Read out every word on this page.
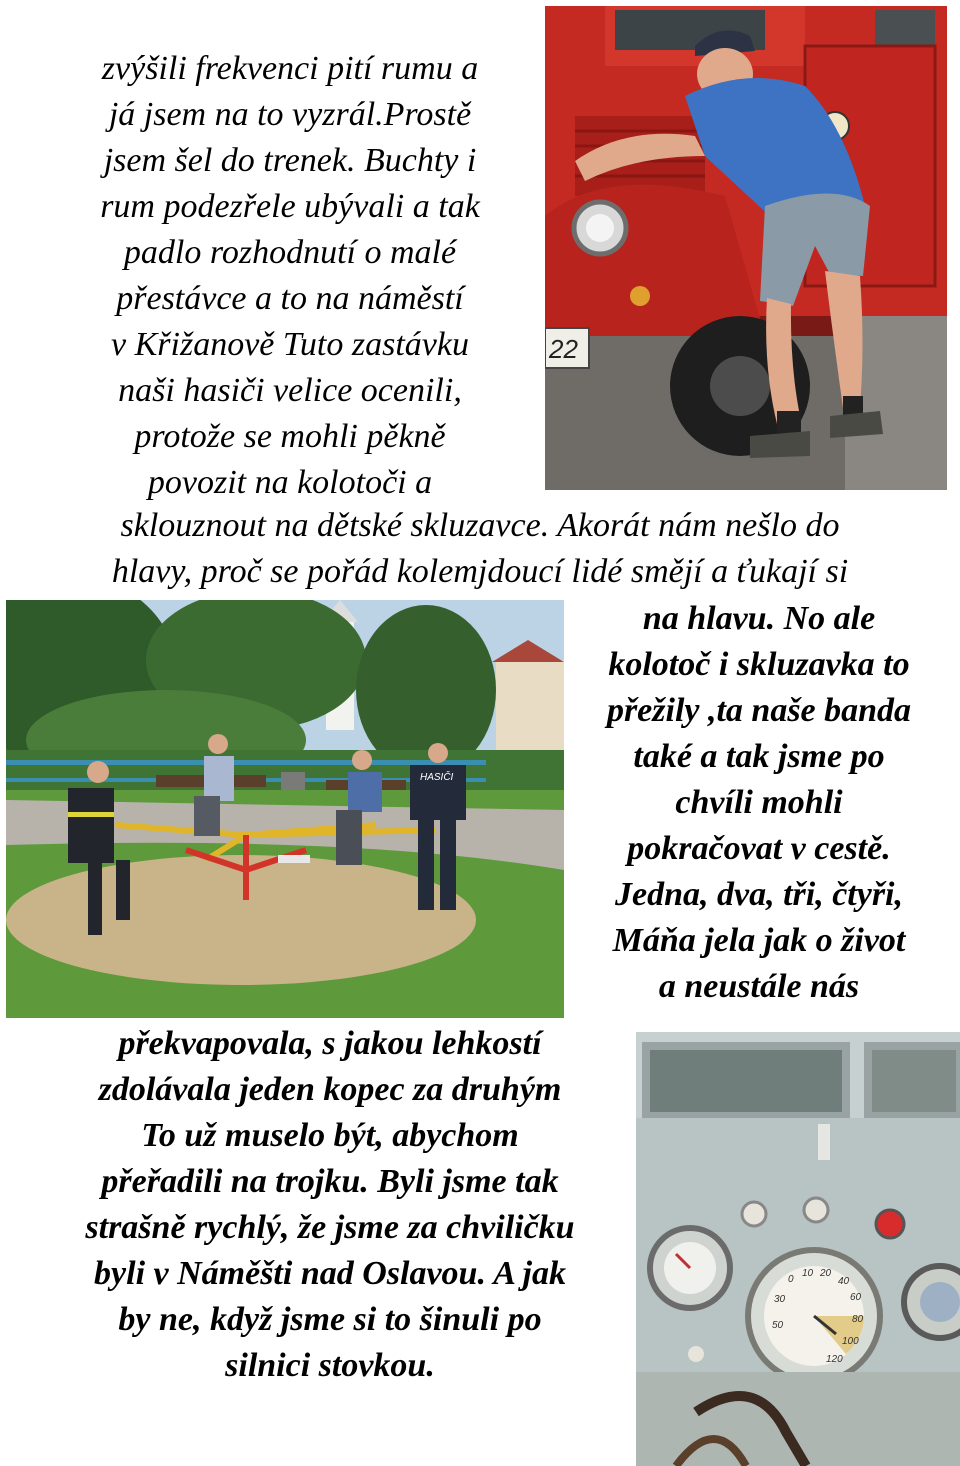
22
zvýšili frekvenci pití rumu a
já jsem na to vyzrál.Prostě
jsem šel do trenek. Buchty i
rum podezřele ubývali a tak
padlo rozhodnutí o malé
přestávce a to na náměstí
v Křižanově Tuto zastávku
naši hasiči velice ocenili,
protože se mohli pěkně
povozit na kolotoči a
sklouznout na dětské skluzavce. Akorát nám nešlo do
hlavy, proč se pořád kolemjdoucí lidé smějí a ťukají si
HASIČI
na hlavu. No ale
kolotoč i skluzavka to
přežily ,ta naše banda
také a tak jsme po
chvíli mohli
pokračovat v cestě.
Jedna, dva, tři, čtyři,
Máňa jela jak o život
a neustále nás
0
10 20
30
40
50
60
80
100
120
překvapovala, s jakou lehkostí
zdolávala jeden kopec za druhým
To už muselo být, abychom
přeřadili na trojku. Byli jsme tak
strašně rychlý, že jsme za chviličku
byli v Náměšti nad Oslavou. A jak
by ne, když jsme si to šinuli po
silnici stovkou.
